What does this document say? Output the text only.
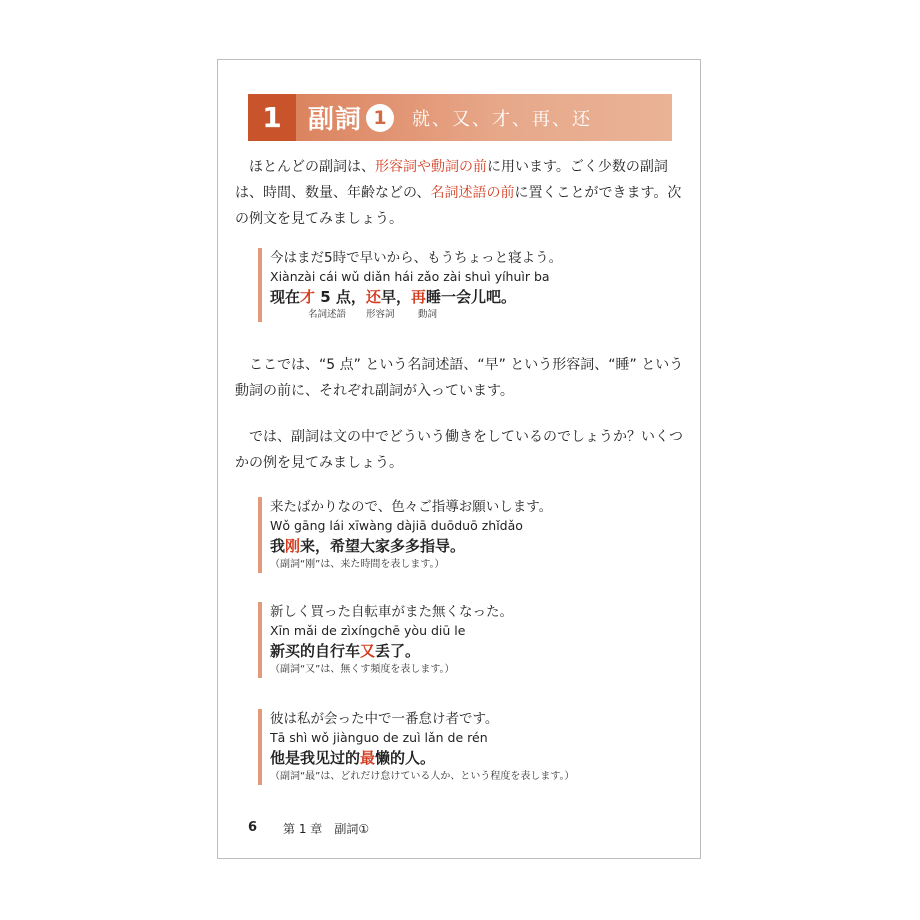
1	副詞 1	就、又、才、再、还

ほとんどの副詞は、形容詞や動詞の前に用います。ごく少数の副詞は、時間、数量、年齢などの、名詞述語の前に置くことができます。次の例文を見てみましょう。

今はまだ5時で早いから、もうちょっと寝よう。

Xiànzài cái wǔ diǎn hái zǎo zài shuì yíhuìr ba

现在才 5 点，还早，再睡一会儿吧。

名詞述語 形容詞 動詞

ここでは、“5 点” という名詞述語、“早” という形容詞、“睡” という動詞の前に、それぞれ副詞が入っています。

では、副詞は文の中でどういう働きをしているのでしょうか？いくつかの例を見てみましょう。

来たばかりなので、色々ご指導お願いします。

Wǒ gāng lái xīwàng dàjiā duōduō zhǐdǎo

我刚来，希望大家多多指导。

（副詞“刚”は、来た時間を表します。）

新しく買った自転車がまた無くなった。

Xīn mǎi de zìxíngchē yòu diū le

新买的自行车又丢了。

（副詞“又”は、無くす頻度を表します。）

彼は私が会った中で一番怠け者です。

Tā shì wǒ jiànguo de zuì lǎn de rén

他是我见过的最懒的人。

（副詞“最”は、どれだけ怠けている人か、という程度を表します。）

6 第 1 章 副詞①
